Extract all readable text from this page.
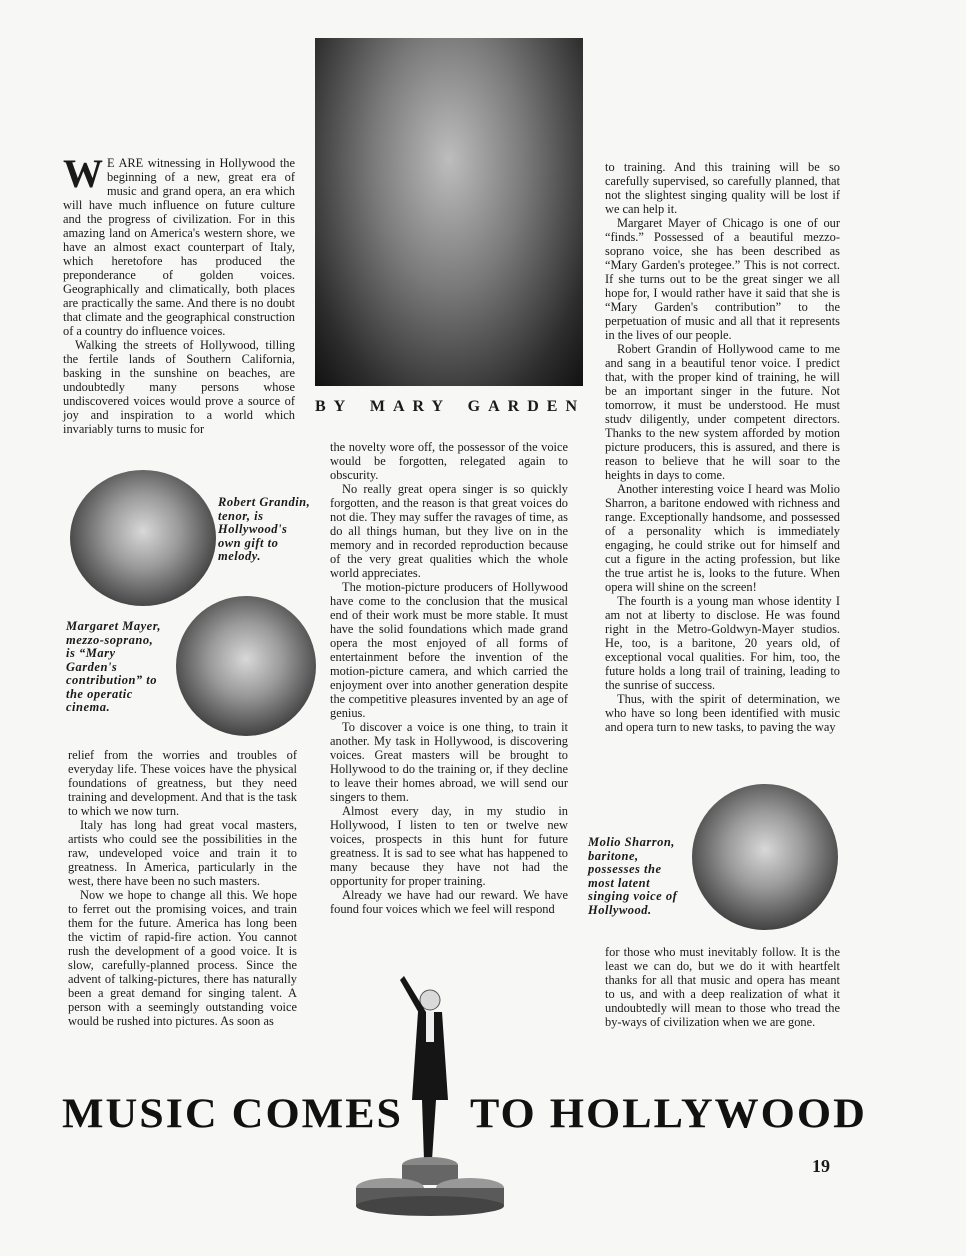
BY MARY GARDEN

W E ARE witnessing in Hollywood the beginning of a new, great era of music and grand opera, an era which will have much influence on future culture and the progress of civilization. For in this amazing land on America's western shore, we have an almost exact counterpart of Italy, which heretofore has produced the preponderance of golden voices. Geographically and climatically, both places are practically the same. And there is no doubt that climate and the geographical construction of a country do influence voices.

Walking the streets of Hollywood, tilling the fertile lands of Southern California, basking in the sunshine on beaches, are undoubtedly many persons whose undiscovered voices would prove a source of joy and inspiration to a world which invariably turns to music for

Robert Grandin, tenor, is Hollywood's own gift to melody.
Margaret Mayer, mezzo-soprano, is “Mary Garden's contribution” to the operatic cinema.

relief from the worries and troubles of everyday life. These voices have the physical foundations of greatness, but they need training and development. And that is the task to which we now turn.

Italy has long had great vocal masters, artists who could see the possibilities in the raw, undeveloped voice and train it to greatness. In America, particularly in the west, there have been no such masters.

Now we hope to change all this. We hope to ferret out the promising voices, and train them for the future. America has long been the victim of rapid-fire action. You cannot rush the development of a good voice. It is slow, carefully-planned process. Since the advent of talking-pictures, there has naturally been a great demand for singing talent. A person with a seemingly outstanding voice would be rushed into pictures. As soon as

the novelty wore off, the possessor of the voice would be forgotten, relegated again to obscurity.

No really great opera singer is so quickly forgotten, and the reason is that great voices do not die. They may suffer the ravages of time, as do all things human, but they live on in the memory and in recorded reproduction because of the very great qualities which the whole world appreciates.

The motion-picture producers of Hollywood have come to the conclusion that the musical end of their work must be more stable. It must have the solid foundations which made grand opera the most enjoyed of all forms of entertainment before the invention of the motion-picture camera, and which carried the enjoyment over into another generation despite the competitive pleasures invented by an age of genius.

To discover a voice is one thing, to train it another. My task in Hollywood, is discovering voices. Great masters will be brought to Hollywood to do the training or, if they decline to leave their homes abroad, we will send our singers to them.

Almost every day, in my studio in Hollywood, I listen to ten or twelve new voices, prospects in this hunt for future greatness. It is sad to see what has happened to many because they have not had the opportunity for proper training.

Already we have had our reward. We have found four voices which we feel will respond

to training. And this training will be so carefully supervised, so carefully planned, that not the slightest singing quality will be lost if we can help it.

Margaret Mayer of Chicago is one of our “finds.” Possessed of a beautiful mezzo-soprano voice, she has been described as “Mary Garden's protegee.” This is not correct. If she turns out to be the great singer we all hope for, I would rather have it said that she is “Mary Garden's contribution” to the perpetuation of music and all that it represents in the lives of our people.

Robert Grandin of Hollywood came to me and sang in a beautiful tenor voice. I predict that, with the proper kind of training, he will be an important singer in the future. Not tomorrow, it must be understood. He must studv diligently, under competent directors. Thanks to the new system afforded by motion picture producers, this is assured, and there is reason to believe that he will soar to the heights in days to come.

Another interesting voice I heard was Molio Sharron, a baritone endowed with richness and range. Exceptionally handsome, and possessed of a personality which is immediately engaging, he could strike out for himself and cut a figure in the acting profession, but like the true artist he is, looks to the future. When opera will shine on the screen!

The fourth is a young man whose identity I am not at liberty to disclose. He was found right in the Metro-Goldwyn-Mayer studios. He, too, is a baritone, 20 years old, of exceptional vocal qualities. For him, too, the future holds a long trail of training, leading to the sunrise of success.

Thus, with the spirit of determination, we who have so long been identified with music and opera turn to new tasks, to paving the way

Molio Sharron, baritone, possesses the most latent singing voice of Hollywood.

for those who must inevitably follow. It is the least we can do, but we do it with heartfelt thanks for all that music and opera has meant to us, and with a deep realization of what it undoubtedly will mean to those who tread the by-ways of civilization when we are gone.

MUSIC COMES TO HOLLYWOOD
19
